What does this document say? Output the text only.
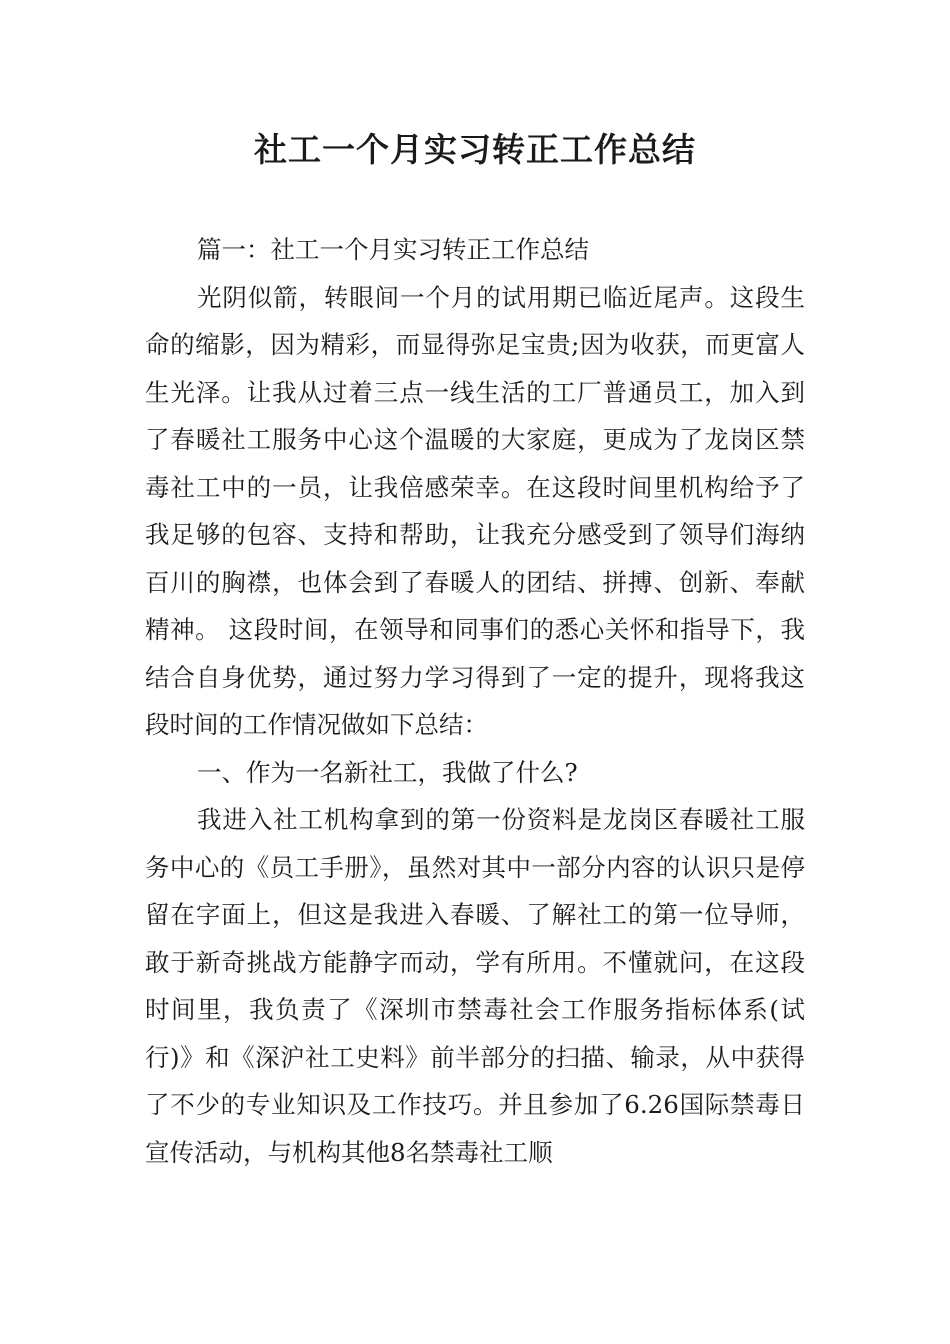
社工一个月实习转正工作总结

篇一：社工一个月实习转正工作总结

光阴似箭，转眼间一个月的试用期已临近尾声。这段生命的缩影，因为精彩，而显得弥足宝贵;因为收获，而更富人生光泽。让我从过着三点一线生活的工厂普通员工，加入到了春暖社工服务中心这个温暖的大家庭，更成为了龙岗区禁毒社工中的一员，让我倍感荣幸。在这段时间里机构给予了我足够的包容、支持和帮助，让我充分感受到了领导们海纳百川的胸襟，也体会到了春暖人的团结、拼搏、创新、奉献精神。 这段时间，在领导和同事们的悉心关怀和指导下，我结合自身优势，通过努力学习得到了一定的提升，现将我这段时间的工作情况做如下总结：

一、作为一名新社工，我做了什么?

我进入社工机构拿到的第一份资料是龙岗区春暖社工服务中心的《员工手册》，虽然对其中一部分内容的认识只是停留在字面上，但这是我进入春暖、了解社工的第一位导师，敢于新奇挑战方能静字而动，学有所用。不懂就问，在这段时间里，我负责了《深圳市禁毒社会工作服务指标体系(试行)》和《深沪社工史料》前半部分的扫描、输录，从中获得了不少的专业知识及工作技巧。并且参加了6.26国际禁毒日宣传活动，与机构其他8名禁毒社工顺
